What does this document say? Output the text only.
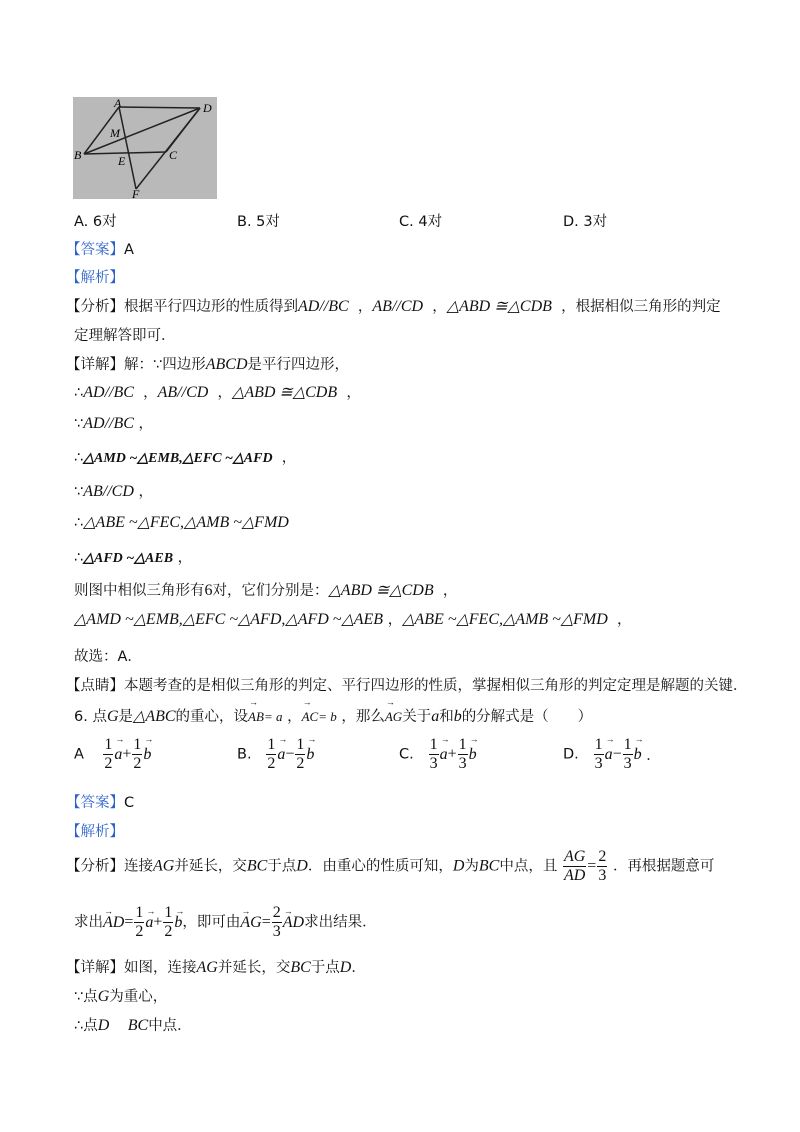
A	D
M
B	E	C
F
A. 6对	B. 5对	C. 4对	D. 3对
【答案】A
【解析】
【分析】根据平行四边形的性质得到AD//BC ，AB//CD ，△ABD ≅△CDB ，根据相似三角形的判定
定理解答即可．
【详解】解：∵四边形ABCD是平行四边形，
∴AD//BC ，AB//CD ，△ABD ≅△CDB ，
∵AD//BC ，
∴△AMD ~△EMB,△EFC ~△AFD ，
∵AB//CD ，
∴△ABE ~△FEC,△AMB ~△FMD
∴△AFD ~△AEB ，
则图中相似三角形有6对，它们分别是：△ABD ≅△CDB ，
△AMD ~△EMB,△EFC ~△AFD,△AFD ~△AEB ，△ABE ~△FEC,△AMB ~△FMD ，
故选：A．
【点睛】本题考查的是相似三角形的判定、平行四边形的性质，掌握相似三角形的判定定理是解题的关键．
6. 点G是△ABC的重心，设AB →= a ，AC →= b ，那么AG →关于a和b的分解式是（　　）
A $\frac{1}{2}$ $a \to+ \frac{1}{2}$ b →	B. $\frac{1}{2}$ $a \to- \frac{1}{2}$ b →	C. $\frac{1}{3}$ $a \to+ \frac{1}{3}$ b →	D. $\frac{1}{3}$ $a \to- \frac{1}{3}$ b → ．
【答案】C
【解析】
【分析】连接AG并延长，交BC于点D．由重心的性质可知，D为BC中点，且 $\frac{AG}{AD} = \frac{2}{3}$ ．再根据题意可
求出AD →= $\frac{1}{2}$ $a \to+ \frac{1}{2}$ b →，即可由AG →= $\frac{2}{3}$ AD →求出结果．
【详解】如图，连接AG并延长，交BC于点D．
∵点G为重心，
∴点D BC中点．
